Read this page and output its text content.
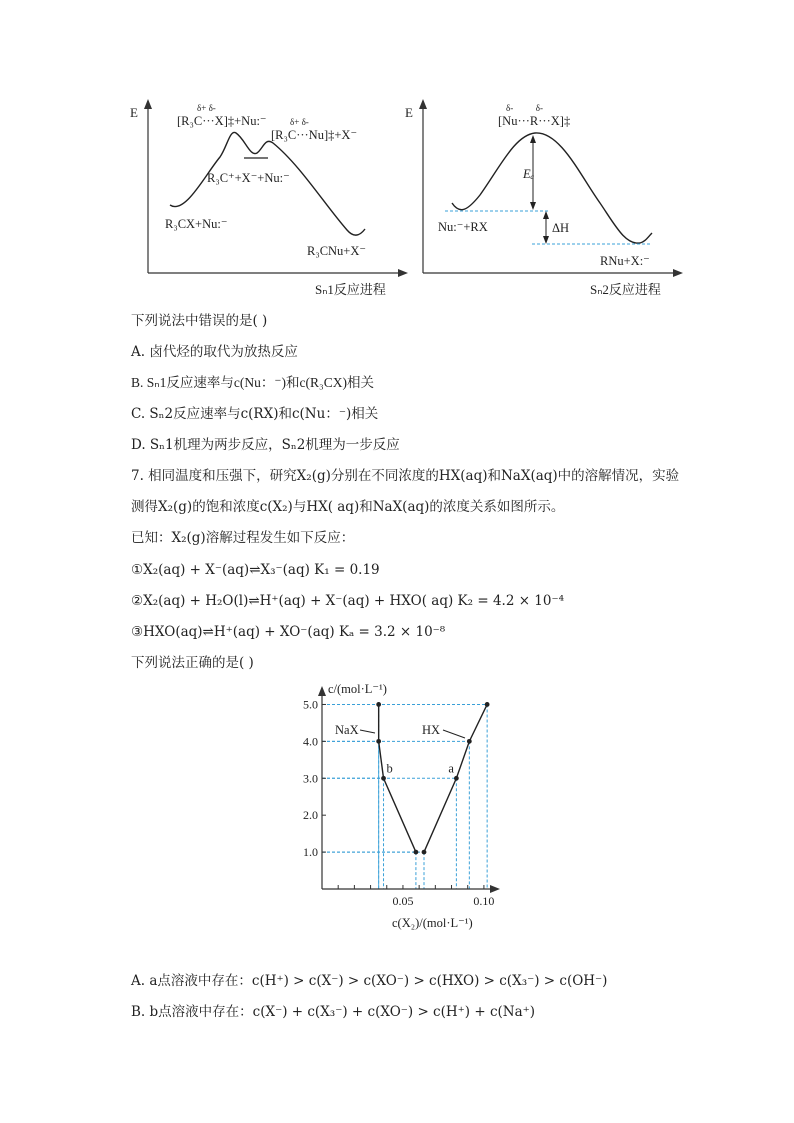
E	δ+ δ-
[R₃C···X]‡+Nu:⁻	δ+ δ-
[R₃C···Nu]‡+X⁻
R₃C⁺+X⁻+Nu:⁻
R₃CX+Nu:⁻
R₃CNu+X⁻
Sₙ1反应进程
E	δ-          δ-
[Nu···R···X]‡
Eₐ
ΔH
Nu:⁻+RX
RNu+X:⁻
Sₙ2反应进程
下列说法中错误的是( )
A. 卤代烃的取代为放热反应
B. Sₙ1反应速率与c(Nu：⁻)和c(R₃CX)相关
C. Sₙ2反应速率与c(RX)和c(Nu：⁻)相关
D. Sₙ1机理为两步反应，Sₙ2机理为一步反应
7. 相同温度和压强下，研究X₂(g)分别在不同浓度的HX(aq)和NaX(aq)中的溶解情况，实验
测得X₂(g)的饱和浓度c(X₂)与HX( aq)和NaX(aq)的浓度关系如图所示。
已知：X₂(g)溶解过程发生如下反应：
①X₂(aq) + X⁻(aq)⇌X₃⁻(aq) K₁ = 0.19
②X₂(aq) + H₂O(l)⇌H⁺(aq) + X⁻(aq) + HXO( aq) K₂ = 4.2 × 10⁻⁴
③HXO(aq)⇌H⁺(aq) + XO⁻(aq) Kₐ = 3.2 × 10⁻⁸
下列说法正确的是( )
0.05	0.10
1.0
2.0
3.0
4.0
5.0
b	a
c/(mol·L⁻¹)
c(X₂)/(mol·L⁻¹)
NaX	HX
A. a点溶液中存在：c(H⁺) > c(X⁻) > c(XO⁻) > c(HXO) > c(X₃⁻) > c(OH⁻)
B. b点溶液中存在：c(X⁻) + c(X₃⁻) + c(XO⁻) > c(H⁺) + c(Na⁺)
